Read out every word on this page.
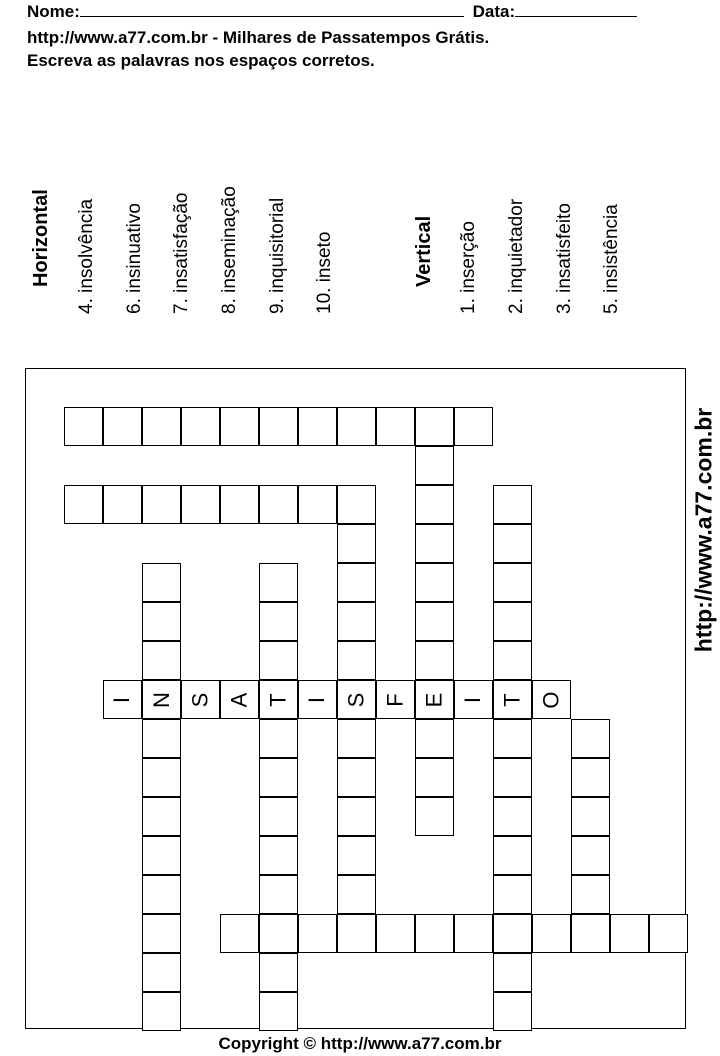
Nome:	Data:
http://www.a77.com.br - Milhares de Passatempos Grátis.
Escreva as palavras nos espaços corretos.
Horizontal 4. insolvência 6. insinuativo 7. insatisfação 8. inseminação 9. inquisitorial 10. inseto	Vertical 1. inserção 2. inquietador 3. insatisfeito 5. insistência
I N S A T I S F E I T O
http://www.a77.com.br
Copyright © http://www.a77.com.br
